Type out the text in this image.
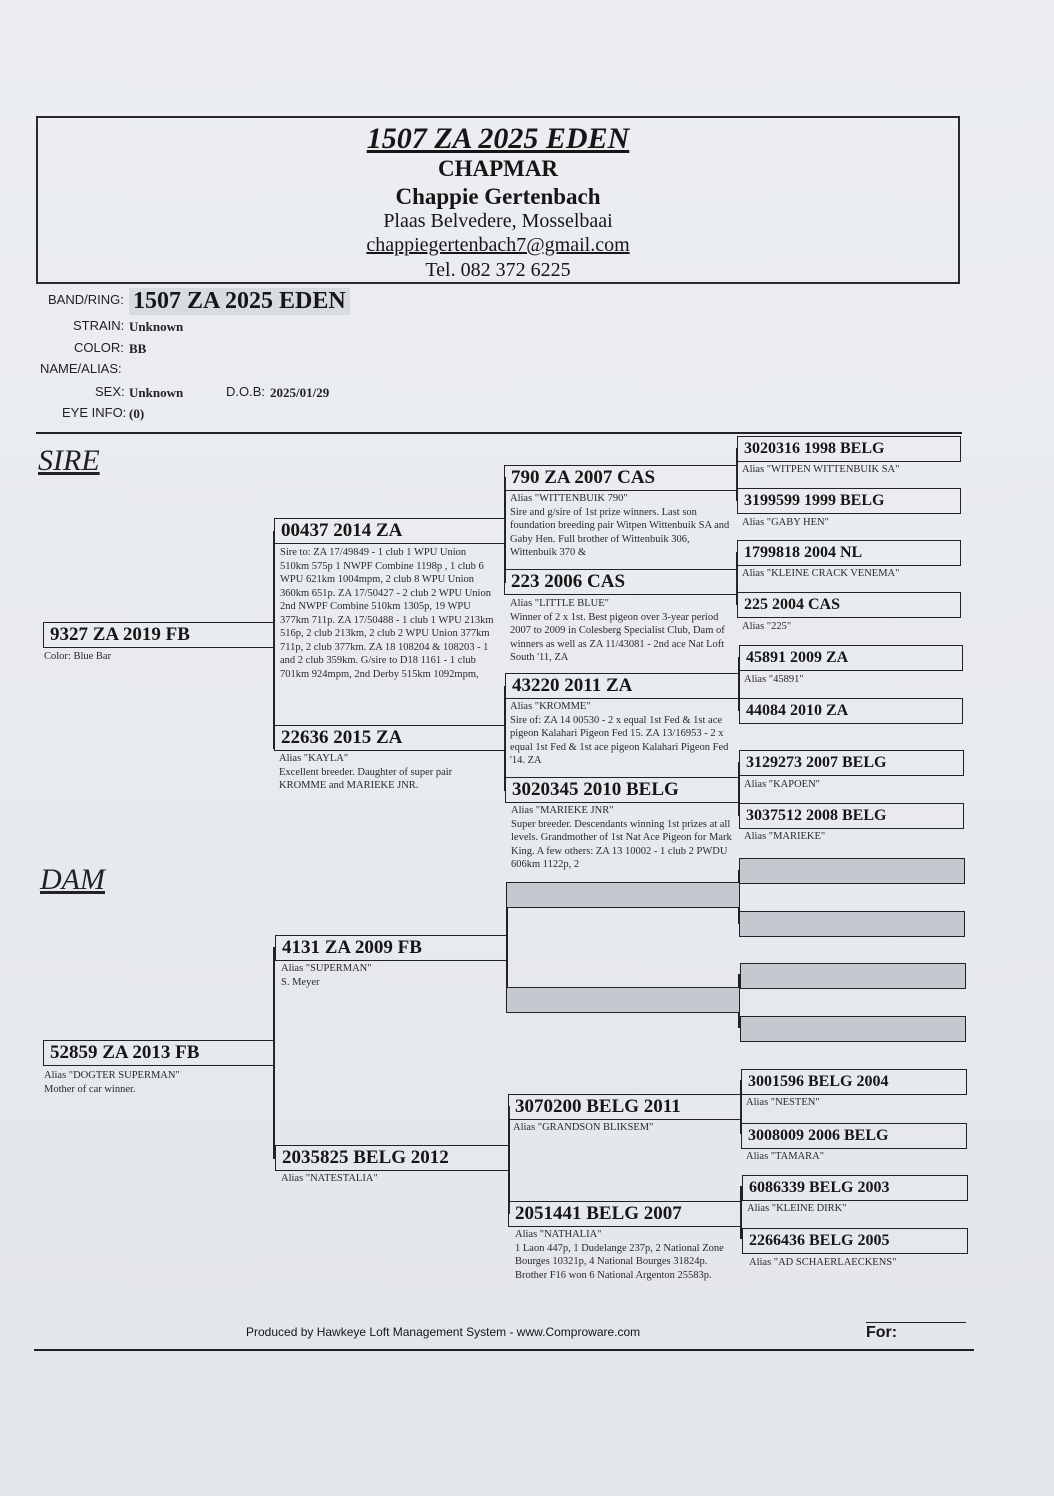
1507 ZA 2025 EDEN
CHAPMAR
Chappie Gertenbach
Plaas Belvedere, Mosselbaai
chappiegertenbach7@gmail.com
Tel. 082 372 6225
BAND/RING: 1507 ZA 2025 EDEN
STRAIN: Unknown
COLOR: BB
NAME/ALIAS:
SEX: Unknown	D.O.B: 2025/01/29
EYE INFO: (0)
SIRE
DAM
9327 ZA 2019 FB
Color: Blue Bar
00437 2014 ZA
Sire to: ZA 17/49849 - 1 club 1 WPU Union 510km 575p 1 NWPF Combine 1198p , 1 club 6 WPU 621km 1004mpm, 2 club 8 WPU Union 360km 651p. ZA 17/50427 - 2 club 2 WPU Union 2nd NWPF Combine 510km 1305p, 19 WPU 377km 711p. ZA 17/50488 - 1 club 1 WPU 213km 516p, 2 club 213km, 2 club 2 WPU Union 377km 711p, 2 club 377km. ZA 18 108204 & 108203 - 1 and 2 club 359km. G/sire to D18 1161 - 1 club 701km 924mpm, 2nd Derby 515km 1092mpm,
22636 2015 ZA
Alias "KAYLA"
Excellent breeder. Daughter of super pair KROMME and MARIEKE JNR.
790 ZA 2007 CAS
Alias "WITTENBUIK 790"
Sire and g/sire of 1st prize winners. Last son foundation breeding pair Witpen Wittenbuik SA and Gaby Hen. Full brother of Wittenbuik 306, Wittenbuik 370 &
223 2006 CAS
Alias "LITTLE BLUE"
Winner of 2 x 1st. Best pigeon over 3-year period 2007 to 2009 in Colesberg Specialist Club, Dam of winners as well as ZA 11/43081 - 2nd ace Nat Loft South '11, ZA
43220 2011 ZA
Alias "KROMME"
Sire of: ZA 14 00530 - 2 x equal 1st Fed & 1st ace pigeon Kalahari Pigeon Fed 15. ZA 13/16953 - 2 x equal 1st Fed & 1st ace pigeon Kalahari Pigeon Fed '14. ZA
3020345 2010 BELG
Alias "MARIEKE JNR"
Super breeder. Descendants winning 1st prizes at all levels. Grandmother of 1st Nat Ace Pigeon for Mark King. A few others: ZA 13 10002 - 1 club 2 PWDU 606km 1122p, 2
3020316 1998 BELG
Alias "WITPEN WITTENBUIK SA"
3199599 1999 BELG
Alias "GABY HEN"
1799818 2004 NL
Alias "KLEINE CRACK VENEMA"
225 2004 CAS
Alias "225"
45891 2009 ZA
Alias "45891"
44084 2010 ZA
3129273 2007 BELG
Alias "KAPOEN"
3037512 2008 BELG
Alias "MARIEKE"
52859 ZA 2013 FB
Alias "DOGTER SUPERMAN"
Mother of car winner.
4131 ZA 2009 FB
Alias "SUPERMAN"
S. Meyer
2035825 BELG 2012
Alias "NATESTALIA"
3070200 BELG 2011
Alias "GRANDSON BLIKSEM"
2051441 BELG 2007
Alias "NATHALIA"
1 Laon 447p, 1 Dudelange 237p, 2 National Zone Bourges 10321p, 4 National Bourges 31824p. Brother F16 won 6 National Argenton 25583p.
3001596 BELG 2004
Alias "NESTEN"
3008009 2006 BELG
Alias "TAMARA"
6086339 BELG 2003
Alias "KLEINE DIRK"
2266436 BELG 2005
Alias "AD SCHAERLAECKENS"
Produced by Hawkeye Loft Management System - www.Comproware.com	For:
